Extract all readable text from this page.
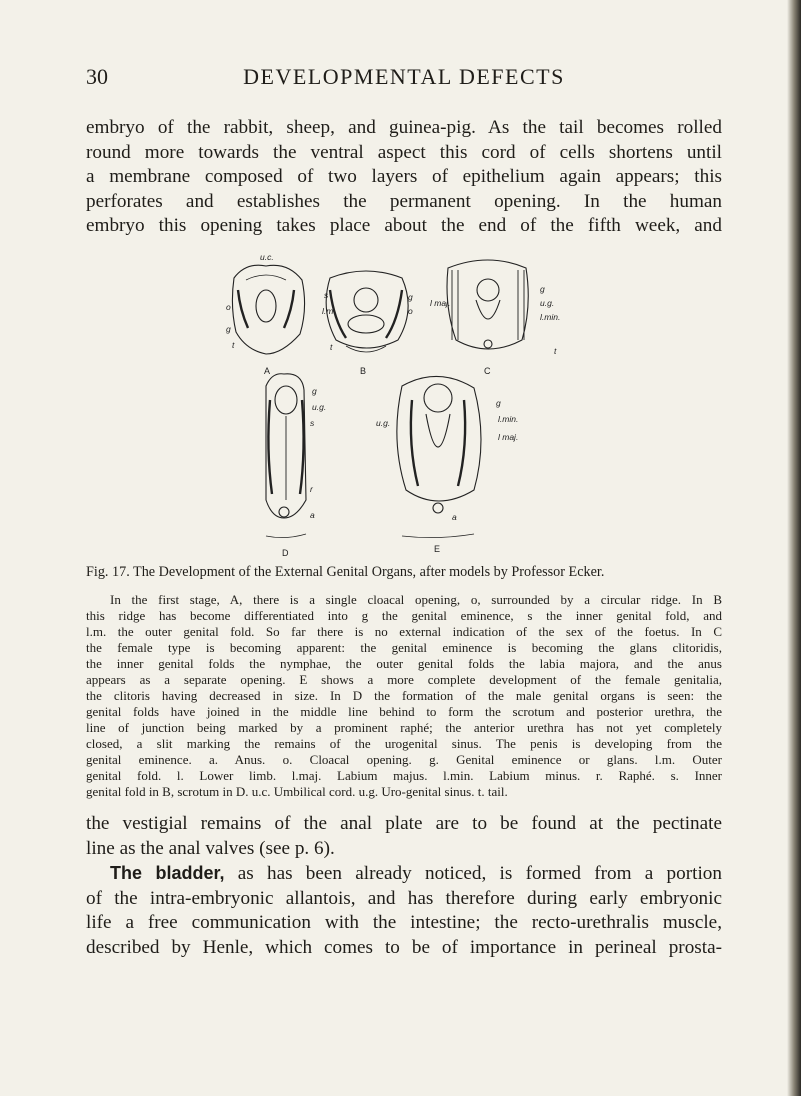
30	DEVELOPMENTAL DEFECTS
embryo of the rabbit, sheep, and guinea-pig. As the tail becomes rolled
round more towards the ventral aspect this cord of cells shortens until
a membrane composed of two layers of epithelium again appears; this
perforates and establishes the permanent opening. In the human
embryo this opening takes place about the end of the fifth week, and
u.c.
o
g
t
s
l.m
g
o
t
l maj.
g
u.g.
l.min.
t
g
u.g.
s
r
a
u.g.
g
l.min.
l maj.
a
A	B	C
D	E
Fig. 17. The Development of the External Genital Organs, after models by Professor Ecker.
In the first stage, A, there is a single cloacal opening, o, surrounded by a circular ridge. In B
this ridge has become differentiated into g the genital eminence, s the inner genital fold, and
l.m. the outer genital fold. So far there is no external indication of the sex of the foetus. In C
the female type is becoming apparent: the genital eminence is becoming the glans clitoridis,
the inner genital folds the nymphae, the outer genital folds the labia majora, and the anus
appears as a separate opening. E shows a more complete development of the female genitalia,
the clitoris having decreased in size. In D the formation of the male genital organs is seen: the
genital folds have joined in the middle line behind to form the scrotum and posterior urethra, the
line of junction being marked by a prominent raphé; the anterior urethra has not yet completely
closed, a slit marking the remains of the urogenital sinus. The penis is developing from the
genital eminence. a. Anus. o. Cloacal opening. g. Genital eminence or glans. l.m. Outer
genital fold. l. Lower limb. l.maj. Labium majus. l.min. Labium minus. r. Raphé. s. Inner
genital fold in B, scrotum in D. u.c. Umbilical cord. u.g. Uro-genital sinus. t. tail.
the vestigial remains of the anal plate are to be found at the pectinate
line as the anal valves (see p. 6).
The bladder, as has been already noticed, is formed from a portion
of the intra-embryonic allantois, and has therefore during early embryonic
life a free communication with the intestine; the recto-urethralis muscle,
described by Henle, which comes to be of importance in perineal prosta-
